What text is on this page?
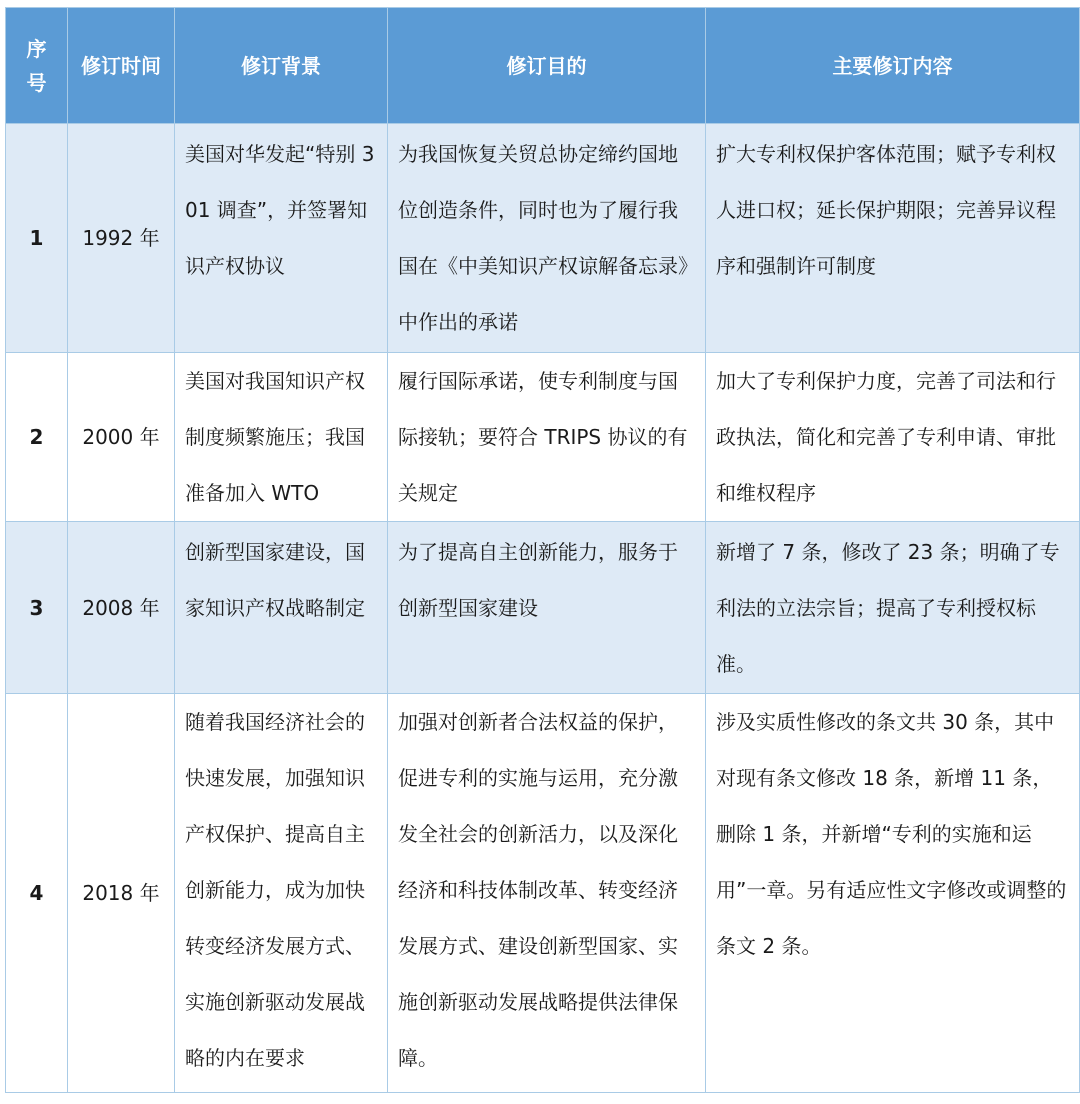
序号	修订时间	修订背景	修订目的	主要修订内容
1	1992 年	美国对华发起“特别 301 调查”，并签署知识产权协议	为我国恢复关贸总协定缔约国地位创造条件，同时也为了履行我国在《中美知识产权谅解备忘录》中作出的承诺	扩大专利权保护客体范围；赋予专利权人进口权；延长保护期限；完善异议程序和强制许可制度
2	2000 年	美国对我国知识产权制度频繁施压；我国准备加入 WTO	履行国际承诺，使专利制度与国际接轨；要符合 TRIPS 协议的有关规定	加大了专利保护力度，完善了司法和行政执法，简化和完善了专利申请、审批和维权程序
3	2008 年	创新型国家建设，国家知识产权战略制定	为了提高自主创新能力，服务于创新型国家建设	新增了 7 条，修改了 23 条；明确了专利法的立法宗旨；提高了专利授权标准。
4	2018 年	随着我国经济社会的快速发展，加强知识产权保护、提高自主创新能力，成为加快转变经济发展方式、实施创新驱动发展战略的内在要求	加强对创新者合法权益的保护，促进专利的实施与运用，充分激发全社会的创新活力，以及深化经济和科技体制改革、转变经济发展方式、建设创新型国家、实施创新驱动发展战略提供法律保障。	涉及实质性修改的条文共 30 条，其中对现有条文修改 18 条，新增 11 条，删除 1 条，并新增“专利的实施和运用”一章。另有适应性文字修改或调整的条文 2 条。
